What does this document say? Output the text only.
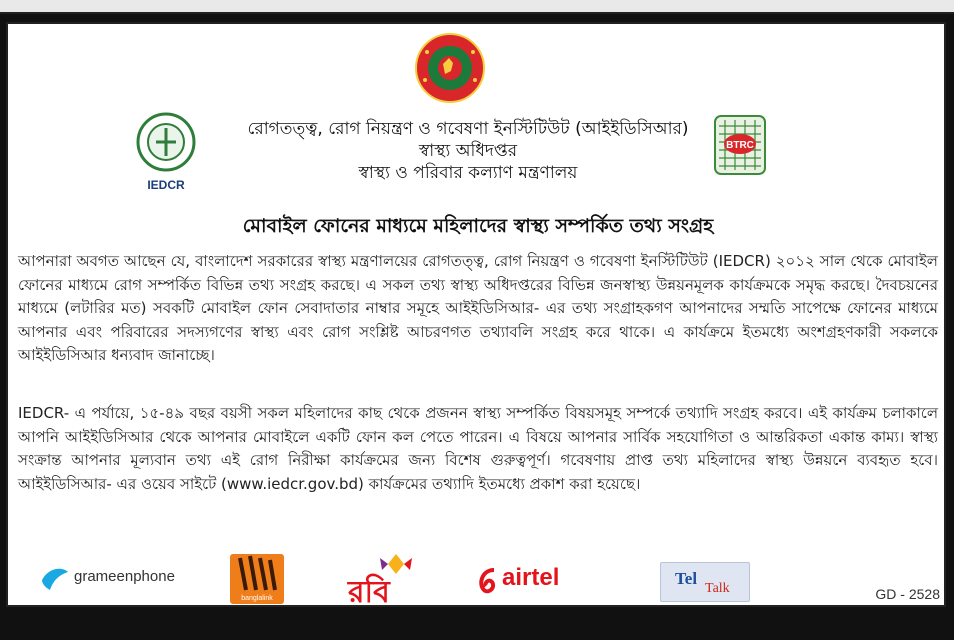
IEDCR
রোগতত্ত্ব, রোগ নিয়ন্ত্রণ ও গবেষণা ইনস্টিটিউট (আইইডিসিআর)
স্বাস্থ্য অধিদপ্তর
স্বাস্থ্য ও পরিবার কল্যাণ মন্ত্রণালয়
BTRC
মোবাইল ফোনের মাধ্যমে মহিলাদের স্বাস্থ্য সম্পর্কিত তথ্য সংগ্রহ

আপনারা অবগত আছেন যে, বাংলাদেশ সরকারের স্বাস্থ্য মন্ত্রণালয়ের রোগতত্ত্ব, রোগ নিয়ন্ত্রণ ও গবেষণা ইনস্টিটিউট (IEDCR) ২০১২ সাল থেকে মোবাইল ফোনের মাধ্যমে রোগ সম্পর্কিত বিভিন্ন তথ্য সংগ্রহ করছে। এ সকল তথ্য স্বাস্থ্য অধিদপ্তরের বিভিন্ন জনস্বাস্থ্য উন্নয়নমূলক কার্যক্রমকে সমৃদ্ধ করছে। দৈবচয়নের মাধ্যমে (লটারির মত) সবকটি মোবাইল ফোন সেবাদাতার নাম্বার সমূহে আইইডিসিআর- এর তথ্য সংগ্রাহকগণ আপনাদের সম্মতি সাপেক্ষে ফোনের মাধ্যমে আপনার এবং পরিবারের সদস্যগণের স্বাস্থ্য এবং রোগ সংশ্লিষ্ট আচরণগত তথ্যাবলি সংগ্রহ করে থাকে। এ কার্যক্রমে ইতমধ্যে অংশগ্রহণকারী সকলকে আইইডিসিআর ধন্যবাদ জানাচ্ছে।

IEDCR- এ পর্যায়ে, ১৫-৪৯ বছর বয়সী সকল মহিলাদের কাছ থেকে প্রজনন স্বাস্থ্য সম্পর্কিত বিষয়সমূহ সম্পর্কে তথ্যাদি সংগ্রহ করবে। এই কার্যক্রম চলাকালে আপনি আইইডিসিআর থেকে আপনার মোবাইলে একটি ফোন কল পেতে পারেন। এ বিষয়ে আপনার সার্বিক সহযোগিতা ও আন্তরিকতা একান্ত কাম্য। স্বাস্থ্য সংক্রান্ত আপনার মূল্যবান তথ্য এই রোগ নিরীক্ষা কার্যক্রমের জন্য বিশেষ গুরুত্বপূর্ণ। গবেষণায় প্রাপ্ত তথ্য মহিলাদের স্বাস্থ্য উন্নয়নে ব্যবহৃত হবে। আইইডিসিআর- এর ওয়েব সাইটে (www.iedcr.gov.bd) কার্যক্রমের তথ্যাদি ইতমধ্যে প্রকাশ করা হয়েছে।

grameenphone
banglalink	রবি	airtel	Tel
Talk	GD - 2528
